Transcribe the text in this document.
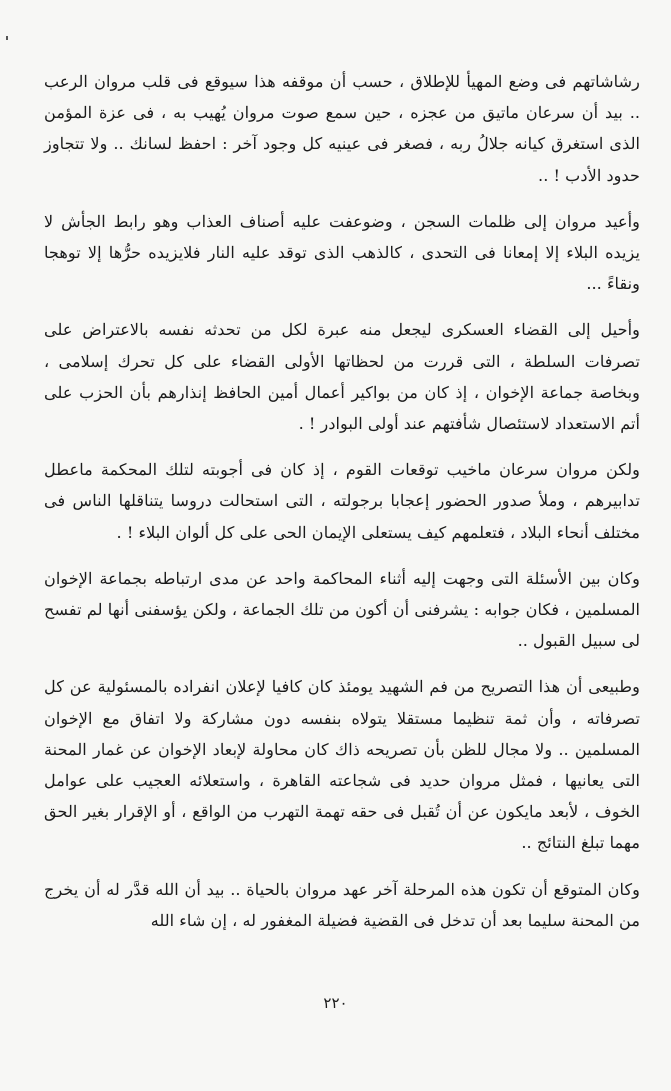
رشاشاتهم فى وضع المهيأ للإطلاق ، حسب أن موقفه هذا سيوقع فى قلب مروان الرعب .. بيد أن سرعان ماتيق من عجزه ، حين سمع صوت مروان يُهيب به ، فى عزة المؤمن الذى استغرق كيانه جلالُ ربه ، فصغر فى عينيه كل وجود آخر : احفظ لسانك .. ولا تتجاوز حدود الأدب ! ..

وأعيد مروان إلى ظلمات السجن ، وضوعفت عليه أصناف العذاب وهو رابط الجأش لا يزيده البلاء إلا إمعانا فى التحدى ، كالذهب الذى توقد عليه النار فلايزيده حرُّها إلا توهجا ونقاءً ...

وأحيل إلى القضاء العسكرى ليجعل منه عبرة لكل من تحدثه نفسه بالاعتراض على تصرفات السلطة ، التى قررت من لحظاتها الأولى القضاء على كل تحرك إسلامى ، وبخاصة جماعة الإخوان ، إذ كان من بواكير أعمال أمين الحافظ إنذارهم بأن الحزب على أتم الاستعداد لاستئصال شأفتهم عند أولى البوادر ! .

ولكن مروان سرعان ماخيب توقعات القوم ، إذ كان فى أجوبته لتلك المحكمة ماعطل تدابيرهم ، وملأ صدور الحضور إعجابا برجولته ، التى استحالت دروسا يتناقلها الناس فى مختلف أنحاء البلاد ، فتعلمهم كيف يستعلى الإيمان الحى على كل ألوان البلاء ! .

وكان بين الأسئلة التى وجهت إليه أثناء المحاكمة واحد عن مدى ارتباطه بجماعة الإخوان المسلمين ، فكان جوابه : يشرفنى أن أكون من تلك الجماعة ، ولكن يؤسفنى أنها لم تفسح لى سبيل القبول ..

وطبيعى أن هذا التصريح من فم الشهيد يومئذ كان كافيا لإعلان انفراده بالمسئولية عن كل تصرفاته ، وأن ثمة تنظيما مستقلا يتولاه بنفسه دون مشاركة ولا اتفاق مع الإخوان المسلمين .. ولا مجال للظن بأن تصريحه ذاك كان محاولة لإبعاد الإخوان عن غمار المحنة التى يعانيها ، فمثل مروان حديد فى شجاعته القاهرة ، واستعلائه العجيب على عوامل الخوف ، لأبعد مايكون عن أن تُقبل فى حقه تهمة التهرب من الواقع ، أو الإقرار بغير الحق مهما تبلغ النتائج ..

وكان المتوقع أن تكون هذه المرحلة آخر عهد مروان بالحياة .. بيد أن الله قدَّر له أن يخرج من المحنة سليما بعد أن تدخل فى القضية فضيلة المغفور له ، إن شاء الله

٢٢٠
